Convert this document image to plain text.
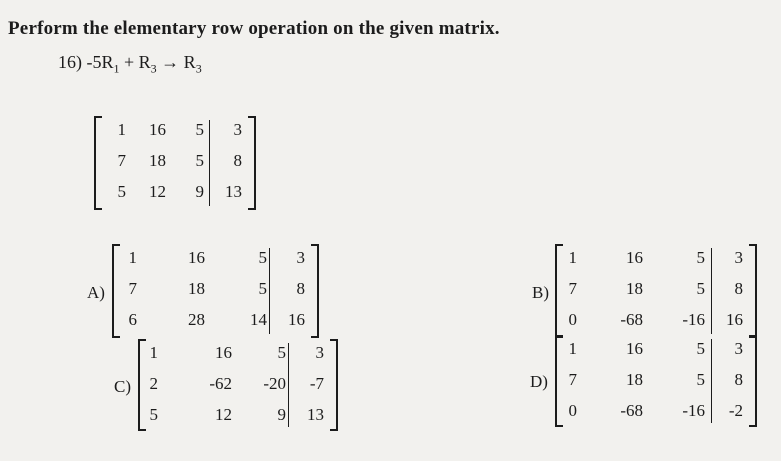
Perform the elementary row operation on the given matrix.
16) $-5R_1 + R_3 \to R_3$
1 16 5 3
7 18 5 8
5 12 9 13
A)
1	16	5 3
7	18	5 8
6	28	14 16
B)
1	16	5 3
7	18	5 8
0	-68 -16 16
C)
1	16	5 3
2	-62 -20 -7
5	12	9 13
D)
1	16	5 3
7	18	5 8
0	-68 -16 -2
